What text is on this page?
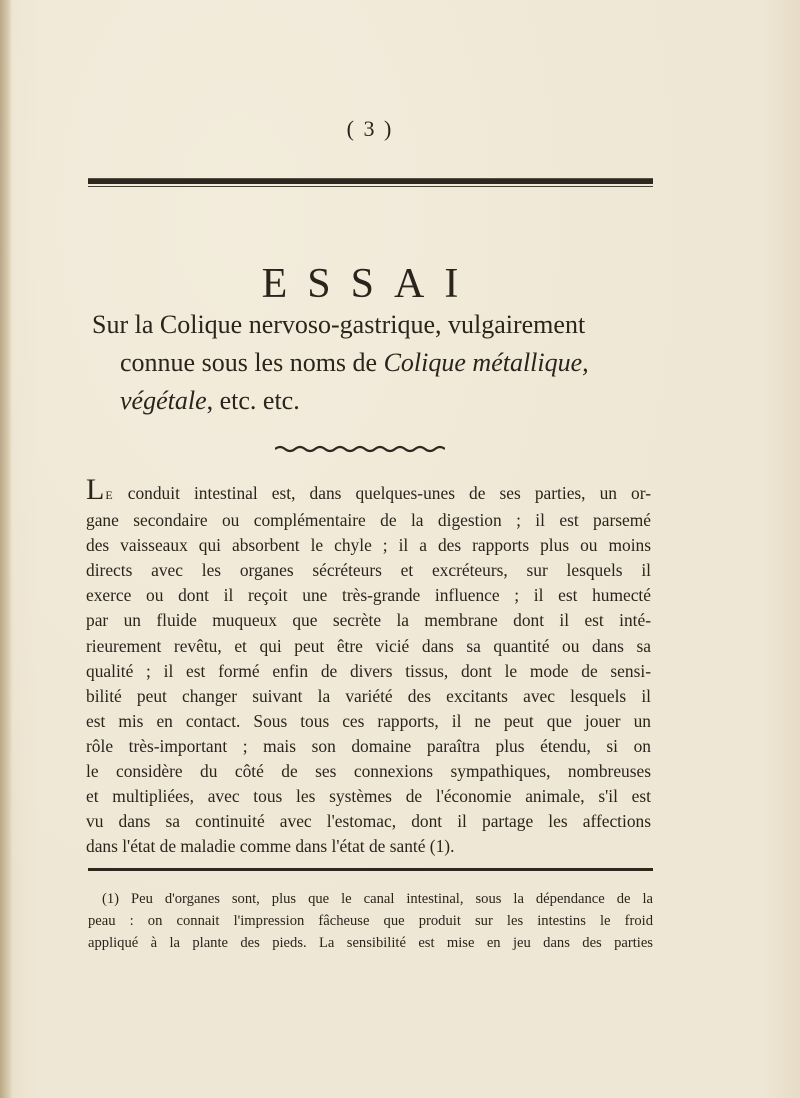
( 3 )
ESSAI
Sur la Colique nervoso-gastrique, vulgairement
connue sous les noms de Colique métallique,
végétale, etc. etc.
LE conduit intestinal est, dans quelques-unes de ses parties, un or-
gane secondaire ou complémentaire de la digestion ; il est parsemé
des vaisseaux qui absorbent le chyle ; il a des rapports plus ou moins
directs avec les organes sécréteurs et excréteurs, sur lesquels il
exerce ou dont il reçoit une très-grande influence ; il est humecté
par un fluide muqueux que secrète la membrane dont il est inté-
rieurement revêtu, et qui peut être vicié dans sa quantité ou dans sa
qualité ; il est formé enfin de divers tissus, dont le mode de sensi-
bilité peut changer suivant la variété des excitants avec lesquels il
est mis en contact. Sous tous ces rapports, il ne peut que jouer un
rôle très-important ; mais son domaine paraîtra plus étendu, si on
le considère du côté de ses connexions sympathiques, nombreuses
et multipliées, avec tous les systèmes de l'économie animale, s'il est
vu dans sa continuité avec l'estomac, dont il partage les affections
dans l'état de maladie comme dans l'état de santé (1).
(1) Peu d'organes sont, plus que le canal intestinal, sous la dépendance de la
peau : on connait l'impression fâcheuse que produit sur les intestins le froid
appliqué à la plante des pieds. La sensibilité est mise en jeu dans des parties
